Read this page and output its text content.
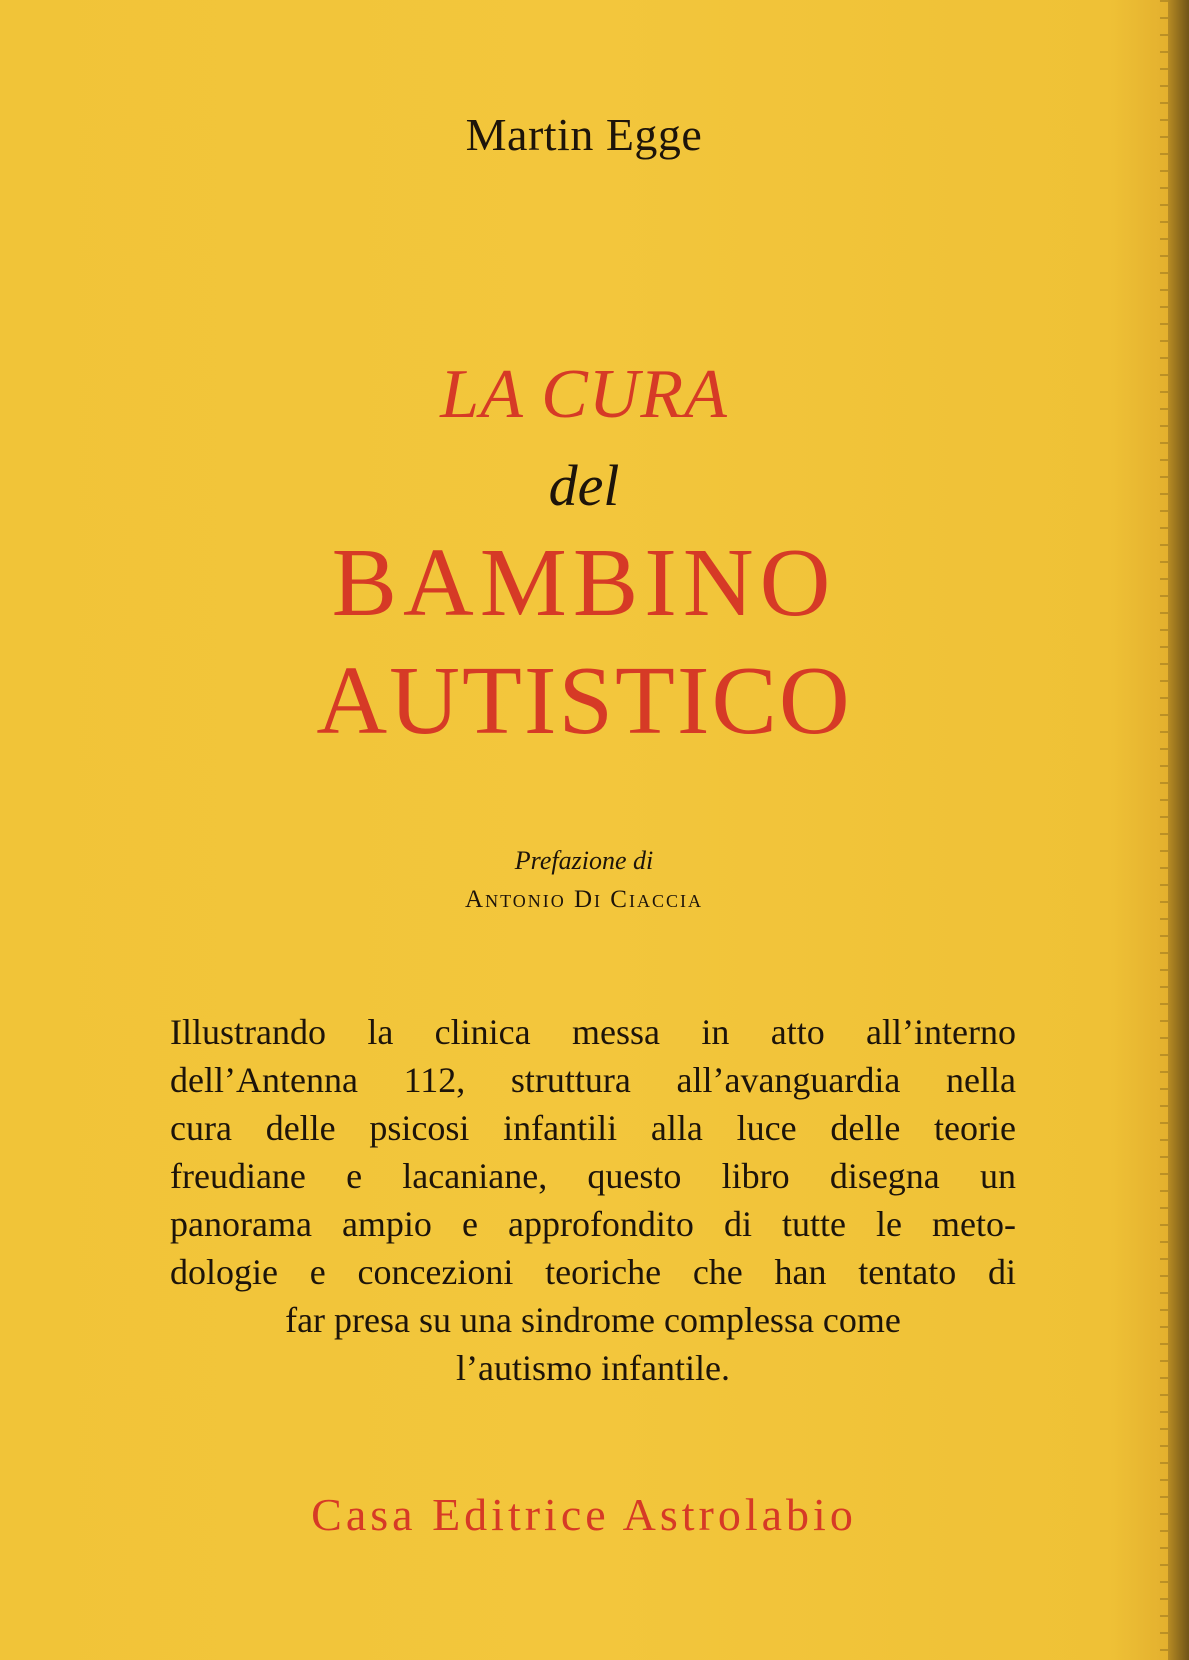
Martin Egge
LA CURA
del
BAMBINO
AUTISTICO
Prefazione di
Antonio Di Ciaccia
Illustrando la clinica messa in atto all’interno
dell’Antenna 112, struttura all’avanguardia nella
cura delle psicosi infantili alla luce delle teorie
freudiane e lacaniane, questo libro disegna un
panorama ampio e approfondito di tutte le meto-
dologie e concezioni teoriche che han tentato di
far presa su una sindrome complessa come
l’autismo infantile.
Casa Editrice Astrolabio
